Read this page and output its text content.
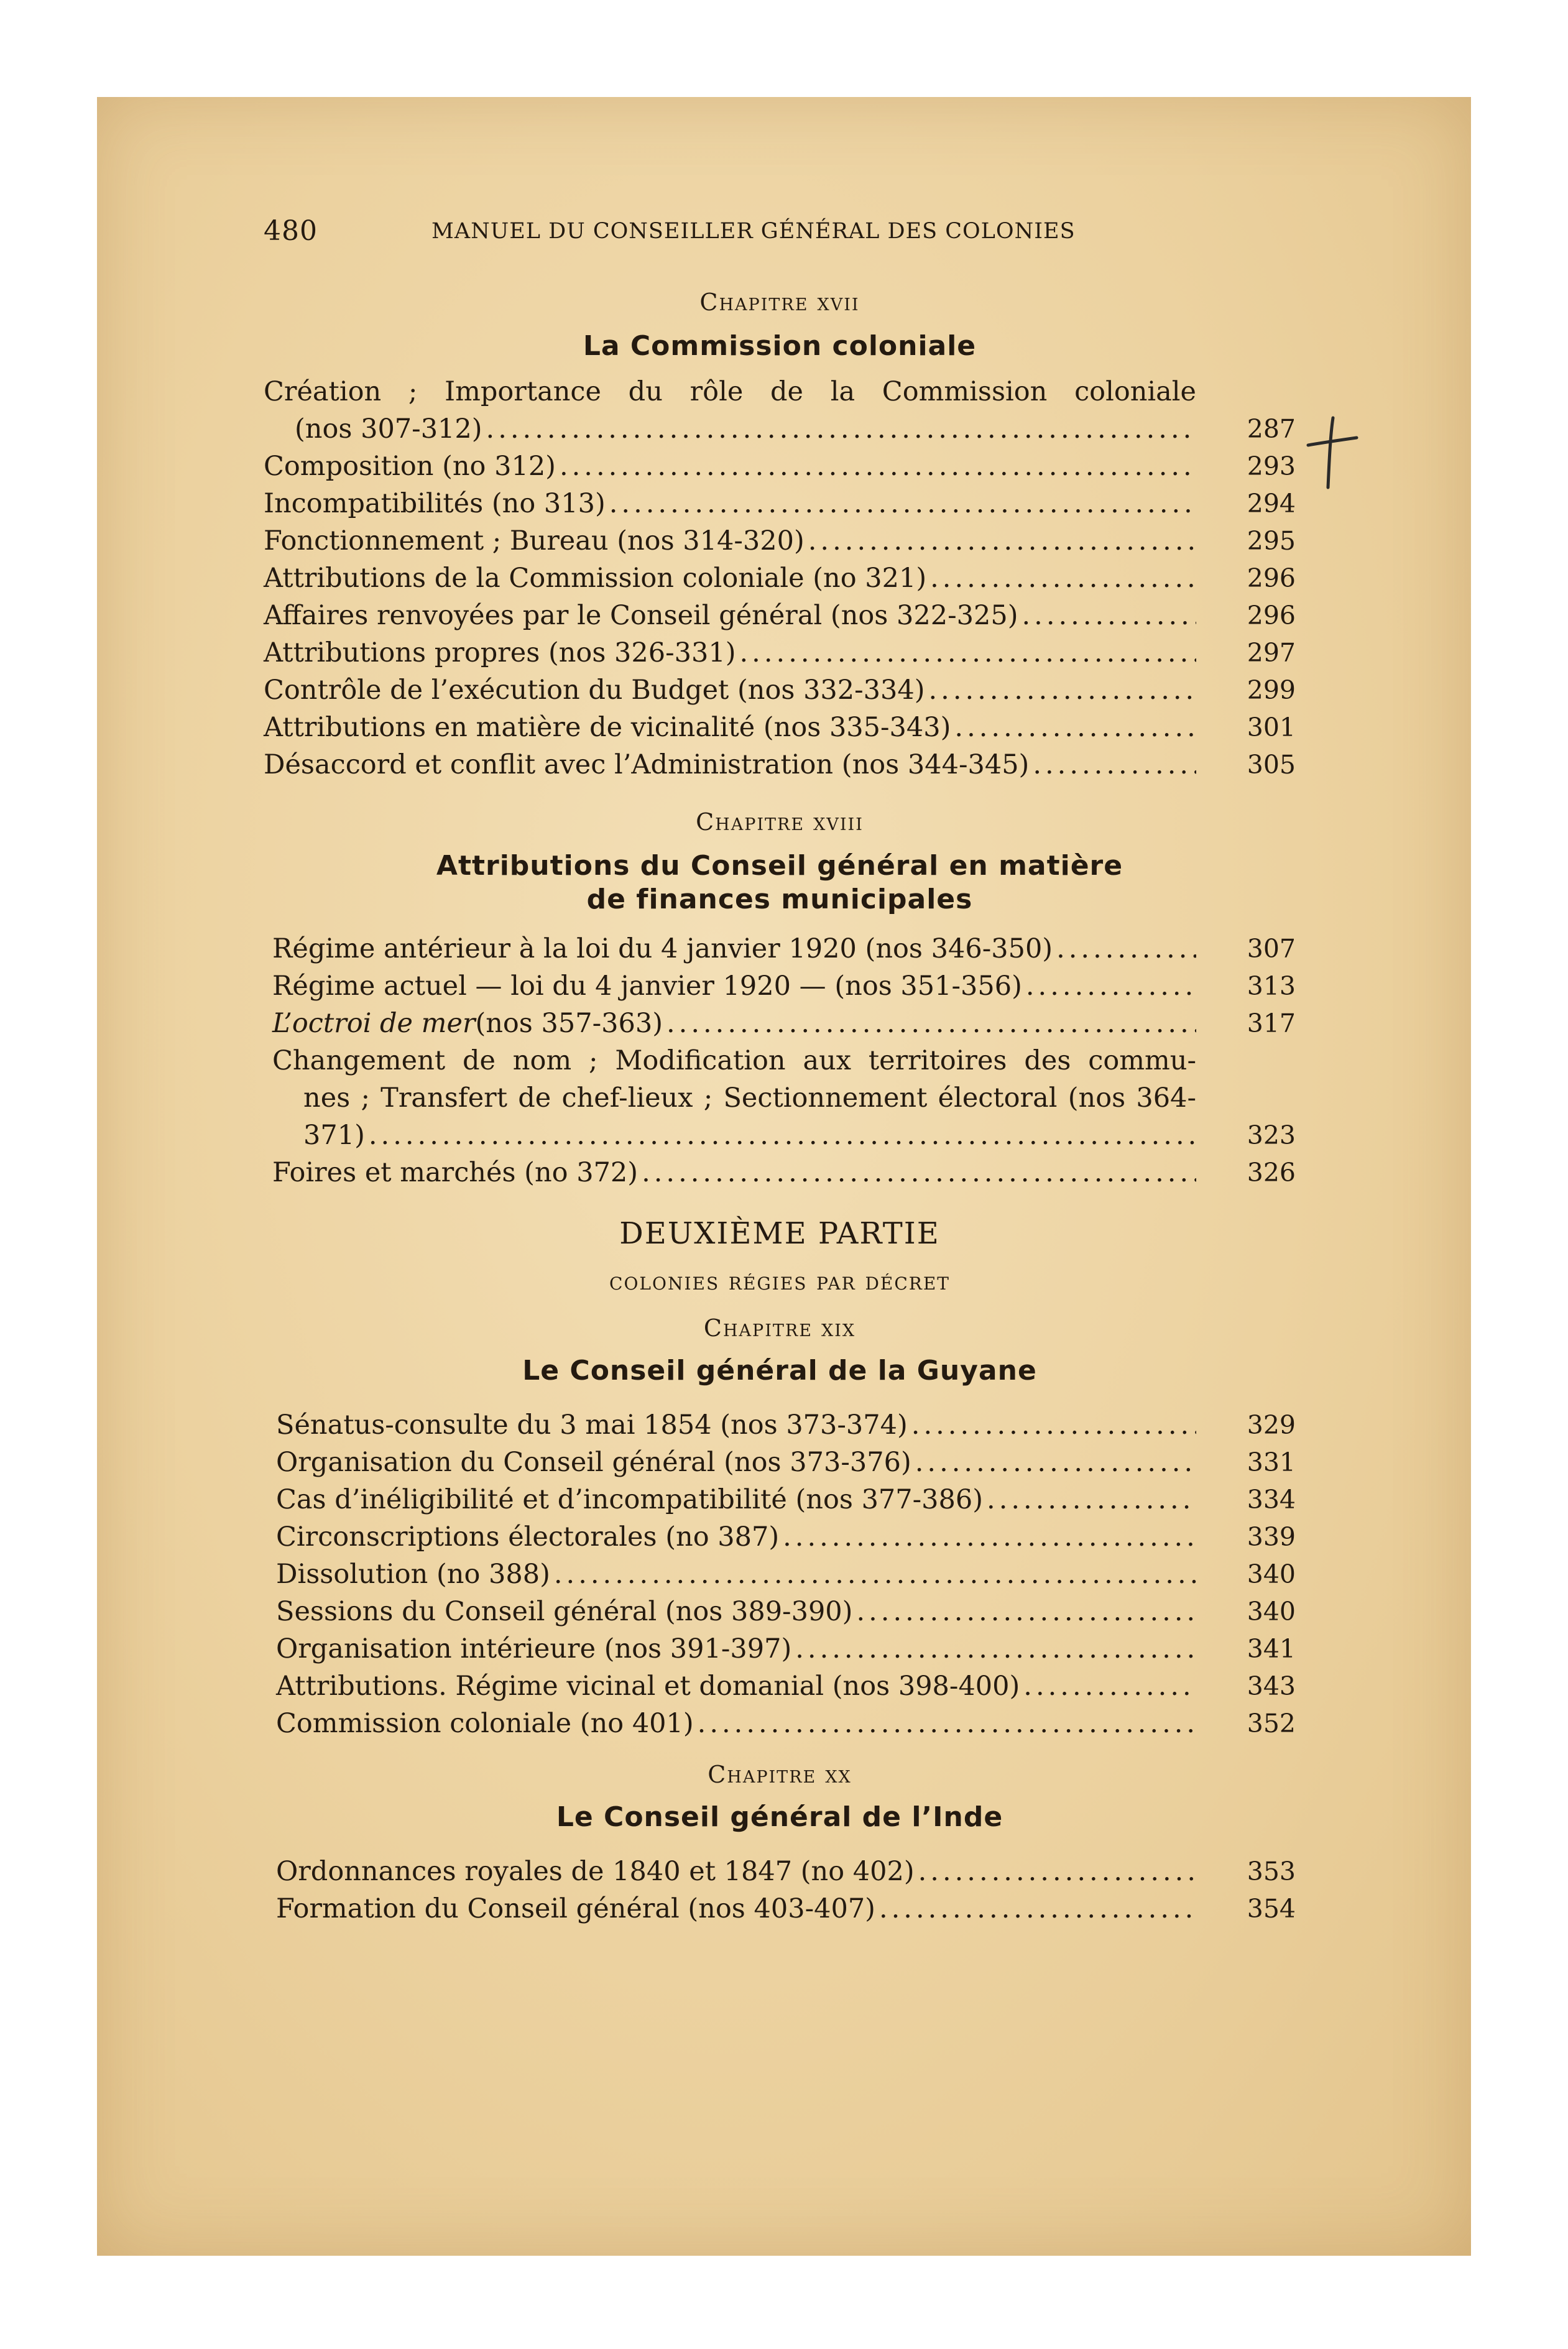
480	MANUEL DU CONSEILLER GÉNÉRAL DES COLONIES
Chapitre xvii
La Commission coloniale
Création ; Importance du rôle de la Commission coloniale
(nos 307-312) .....	287
Composition (no 312) .....	293
Incompatibilités (no 313) .....	294
Fonctionnement ; Bureau (nos 314-320) .....	295
Attributions de la Commission coloniale (no 321) .....	296
Affaires renvoyées par le Conseil général (nos 322-325) .....	296
Attributions propres (nos 326-331) .....	297
Contrôle de l’exécution du Budget (nos 332-334) .....	299
Attributions en matière de vicinalité (nos 335-343) .....	301
Désaccord et conflit avec l’Administration (nos 344-345) .....	305
Chapitre xviii
Attributions du Conseil général en matière
de finances municipales
Régime antérieur à la loi du 4 janvier 1920 (nos 346-350) .....	307
Régime actuel — loi du 4 janvier 1920 — (nos 351-356) .....	313
L’octroi de mer (nos 357-363) .....	317
Changement de nom ; Modification aux territoires des commu-
nes ; Transfert de chef-lieux ; Sectionnement électoral (nos 364-
371) .....	323
Foires et marchés (no 372) .....	326
DEUXIÈME PARTIE
colonies régies par décret
Chapitre xix
Le Conseil général de la Guyane
Sénatus-consulte du 3 mai 1854 (nos 373-374) .....	329
Organisation du Conseil général (nos 373-376) .....	331
Cas d’inéligibilité et d’incompatibilité (nos 377-386) .....	334
Circonscriptions électorales (no 387) .....	339
Dissolution (no 388) .....	340
Sessions du Conseil général (nos 389-390) .....	340
Organisation intérieure (nos 391-397) .....	341
Attributions. Régime vicinal et domanial (nos 398-400) .....	343
Commission coloniale (no 401) .....	352
Chapitre xx
Le Conseil général de l’Inde
Ordonnances royales de 1840 et 1847 (no 402) .....	353
Formation du Conseil général (nos 403-407) .....	354
